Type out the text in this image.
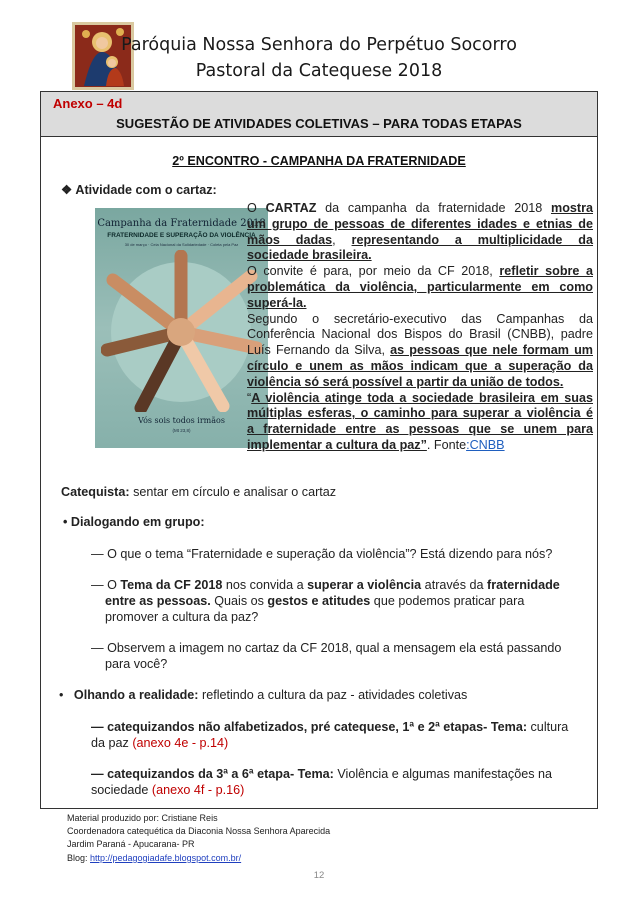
Paróquia Nossa Senhora do Perpétuo Socorro
Pastoral da Catequese 2018
Anexo – 4d
SUGESTÃO DE ATIVIDADES COLETIVAS – PARA TODAS ETAPAS
2º ENCONTRO - CAMPANHA DA FRATERNIDADE
❖ Atividade com o cartaz:
Campanha da Fraternidade 2018
FRATERNIDADE E SUPERAÇÃO DA VIOLÊNCIA
30 de março · Ceia Nacional da Solidariedade · Coleta pela Paz
Vós sois todos irmãos
(Mt 23,8)
O CARTAZ da campanha da fraternidade 2018 mostra
um grupo de pessoas de diferentes idades e etnias de
mãos dadas, representando a multiplicidade da
sociedade brasileira.
O convite é para, por meio da CF 2018, refletir sobre a
problemática da violência, particularmente em como
superá-la.
Segundo o secretário-executivo das Campanhas da
Conferência Nacional dos Bispos do Brasil (CNBB), padre
Luís Fernando da Silva, as pessoas que nele formam um
círculo e unem as mãos indicam que a superação da
violência só será possível a partir da união de todos.
“A violência atinge toda a sociedade brasileira em suas
múltiplas esferas, o caminho para superar a violência é
a fraternidade entre as pessoas que se unem para
implementar a cultura da paz”. Fonte:CNBB
Catequista: sentar em círculo e analisar o cartaz
• Dialogando em grupo:
— O que o tema “Fraternidade e superação da violência”? Está dizendo para nós?
— O Tema da CF 2018 nos convida a superar a violência através da fraternidade
entre as pessoas. Quais os gestos e atitudes que podemos praticar para
promover a cultura da paz?
— Observem a imagem no cartaz da CF 2018, qual a mensagem ela está passando
para você?
• Olhando a realidade: refletindo a cultura da paz - atividades coletivas
— catequizandos não alfabetizados, pré catequese, 1ª e 2ª etapas- Tema: cultura
da paz (anexo 4e - p.14)
— catequizandos da 3ª a 6ª etapa- Tema: Violência e algumas manifestações na
sociedade (anexo 4f - p.16)
Material produzido por: Cristiane Reis
Coordenadora catequética da Diaconia Nossa Senhora Aparecida
Jardim Paraná - Apucarana- PR
Blog: http://pedagogiadafe.blogspot.com.br/
12
